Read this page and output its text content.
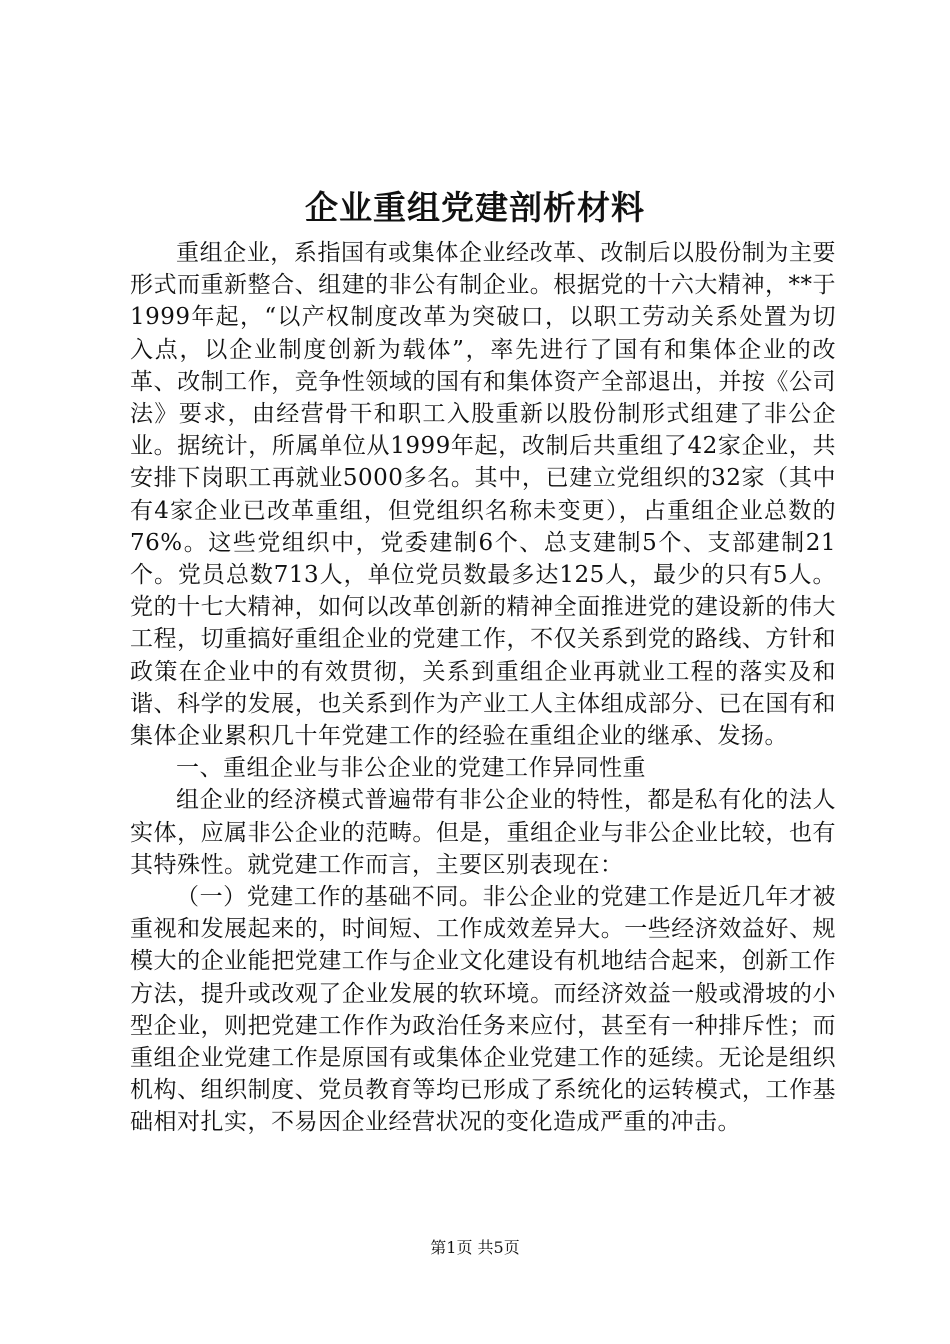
企业重组党建剖析材料

重组企业，系指国有或集体企业经改革、改制后以股份制为主要形式而重新整合、组建的非公有制企业。根据党的十六大精神，**于1999年起，“以产权制度改革为突破口，以职工劳动关系处置为切入点，以企业制度创新为载体”，率先进行了国有和集体企业的改革、改制工作，竞争性领域的国有和集体资产全部退出，并按《公司法》要求，由经营骨干和职工入股重新以股份制形式组建了非公企业。据统计，所属单位从1999年起，改制后共重组了42家企业，共安排下岗职工再就业5000多名。其中，已建立党组织的32家（其中有4家企业已改革重组，但党组织名称未变更），占重组企业总数的76%。这些党组织中，党委建制6个、总支建制5个、支部建制21个。党员总数713人，单位党员数最多达125人，最少的只有5人。党的十七大精神，如何以改革创新的精神全面推进党的建设新的伟大工程，切重搞好重组企业的党建工作，不仅关系到党的路线、方针和政策在企业中的有效贯彻，关系到重组企业再就业工程的落实及和谐、科学的发展，也关系到作为产业工人主体组成部分、已在国有和集体企业累积几十年党建工作的经验在重组企业的继承、发扬。

一、重组企业与非公企业的党建工作异同性重

组企业的经济模式普遍带有非公企业的特性，都是私有化的法人实体，应属非公企业的范畴。但是，重组企业与非公企业比较，也有其特殊性。就党建工作而言，主要区别表现在：

（一）党建工作的基础不同。非公企业的党建工作是近几年才被重视和发展起来的，时间短、工作成效差异大。一些经济效益好、规模大的企业能把党建工作与企业文化建设有机地结合起来，创新工作方法，提升或改观了企业发展的软环境。而经济效益一般或滑坡的小型企业，则把党建工作作为政治任务来应付，甚至有一种排斥性；而重组企业党建工作是原国有或集体企业党建工作的延续。无论是组织机构、组织制度、党员教育等均已形成了系统化的运转模式，工作基础相对扎实，不易因企业经营状况的变化造成严重的冲击。

第1页 共5页
